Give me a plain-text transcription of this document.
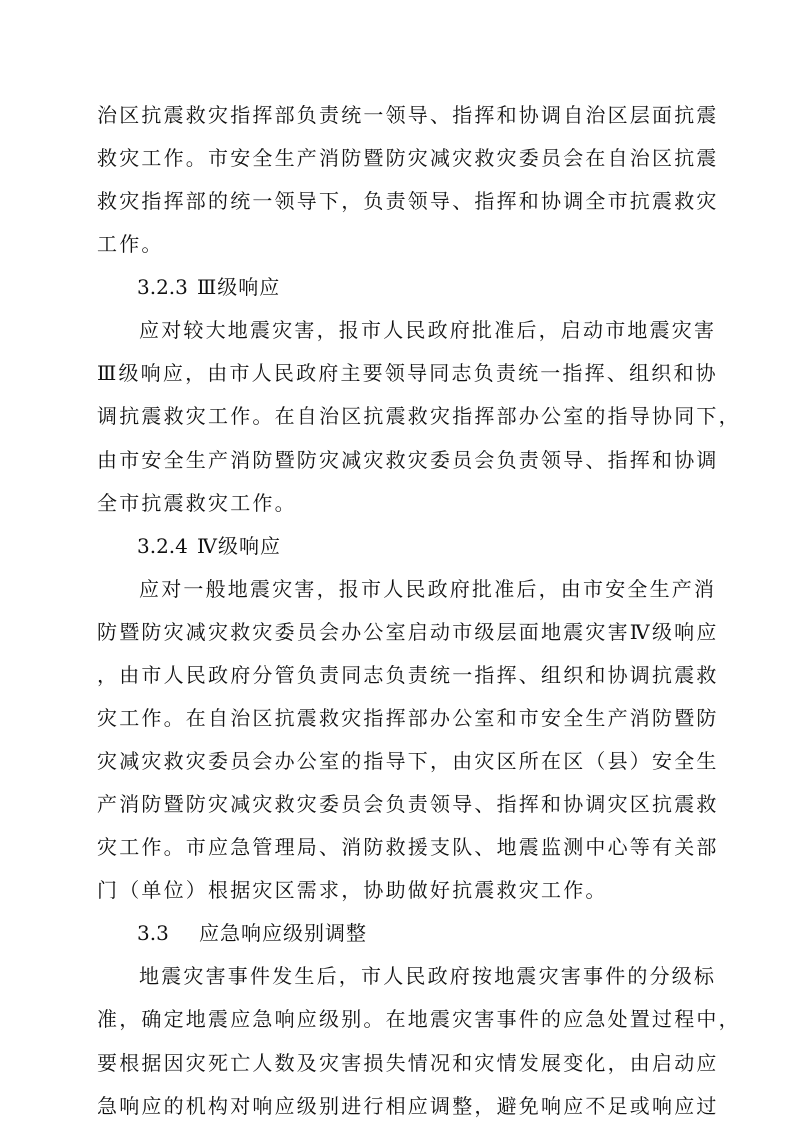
治区抗震救灾指挥部负责统一领导、指挥和协调自治区层面抗震
救灾工作。市安全生产消防暨防灾减灾救灾委员会在自治区抗震
救灾指挥部的统一领导下，负责领导、指挥和协调全市抗震救灾
工作。
3.2.3 Ⅲ级响应
应对较大地震灾害，报市人民政府批准后，启动市地震灾害
Ⅲ级响应，由市人民政府主要领导同志负责统一指挥、组织和协
调抗震救灾工作。在自治区抗震救灾指挥部办公室的指导协同下，
由市安全生产消防暨防灾减灾救灾委员会负责领导、指挥和协调
全市抗震救灾工作。
3.2.4 Ⅳ级响应
应对一般地震灾害，报市人民政府批准后，由市安全生产消
防暨防灾减灾救灾委员会办公室启动市级层面地震灾害Ⅳ级响应
，由市人民政府分管负责同志负责统一指挥、组织和协调抗震救
灾工作。在自治区抗震救灾指挥部办公室和市安全生产消防暨防
灾减灾救灾委员会办公室的指导下，由灾区所在区（县）安全生
产消防暨防灾减灾救灾委员会负责领导、指挥和协调灾区抗震救
灾工作。市应急管理局、消防救援支队、地震监测中心等有关部
门（单位）根据灾区需求，协助做好抗震救灾工作。
3.3 应急响应级别调整
地震灾害事件发生后，市人民政府按地震灾害事件的分级标
准，确定地震应急响应级别。在地震灾害事件的应急处置过程中，
要根据因灾死亡人数及灾害损失情况和灾情发展变化，由启动应
急响应的机构对响应级别进行相应调整，避免响应不足或响应过
